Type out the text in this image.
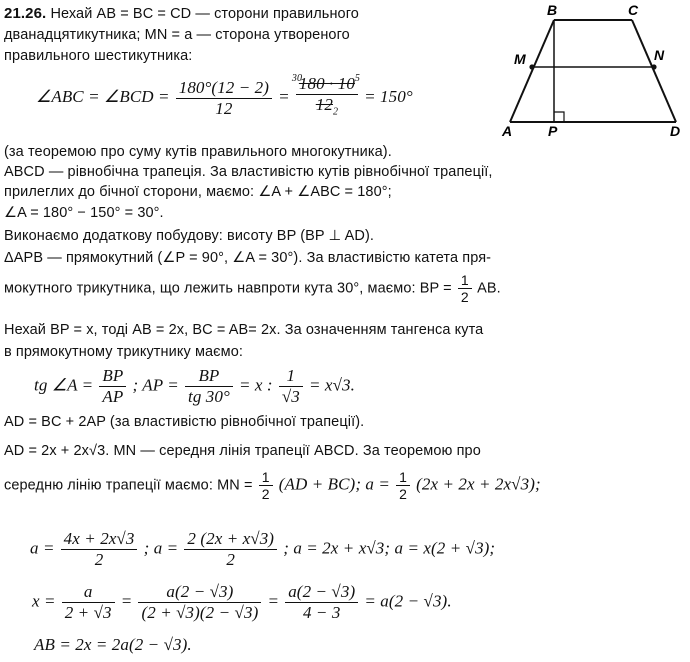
B	C
M	N
A	P	D
21.26. Нехай AB = BC = CD — сторони правильного
дванадцятикутника; MN = a — сторона утвореного
правильного шестикутника:
∠ABC = ∠BCD = $\frac{180^\circ(12 - 2)}{12}$ =
30	5
180 · 10
$12_2$
= 150°
(за теоремою про суму кутів правильного многокутника).
ABCD — рівнобічна трапеція. За властивістю кутів рівнобічної трапеції,
прилеглих до бічної сторони, маємо: ∠A + ∠ABC = 180°;
∠A = 180° − 150° = 30°.
Виконаємо додаткову побудову: висоту BP (BP ⊥ AD).
ΔAPB — прямокутний (∠P = 90°, ∠A = 30°). За властивістю катета пря-
мокутного трикутника, що лежить навпроти кута 30°, маємо: BP = $\frac{1}{2}$ AB.
Нехай BP = x, тоді AB = 2x, BC = AB= 2x. За означенням тангенса кута
в прямокутному трикутнику маємо:
tg ∠A = $\frac{BP}{AP}$ ; AP = $\frac{BP}{tg 30^\circ} = x$ : $\frac{1}{√3} = x√3$.
AD = BC + 2AP (за властивістю рівнобічної трапеції).
AD = 2x + 2x√3. MN — середня лінія трапеції ABCD. За теоремою про
середню лінію трапеції маємо: MN = $\frac{1}{2} (AD + BC)$; $a = \frac{1}{2} (2x + 2x + 2x√3)$;
$a = \frac{4x + 2x√3}{2}$ ; $a = \frac{2 (2x + x√3)}{2}$ ; a = 2x + x√3; a = x(2 + √3);
$x = \frac{a}{2 + √3} = \frac{a(2 - √3)}{(2 + √3)(2 - √3)} = \frac{a(2 - √3)}{4 - 3} = a(2 - √3)$.
AB = 2x = 2a(2 − √3).
